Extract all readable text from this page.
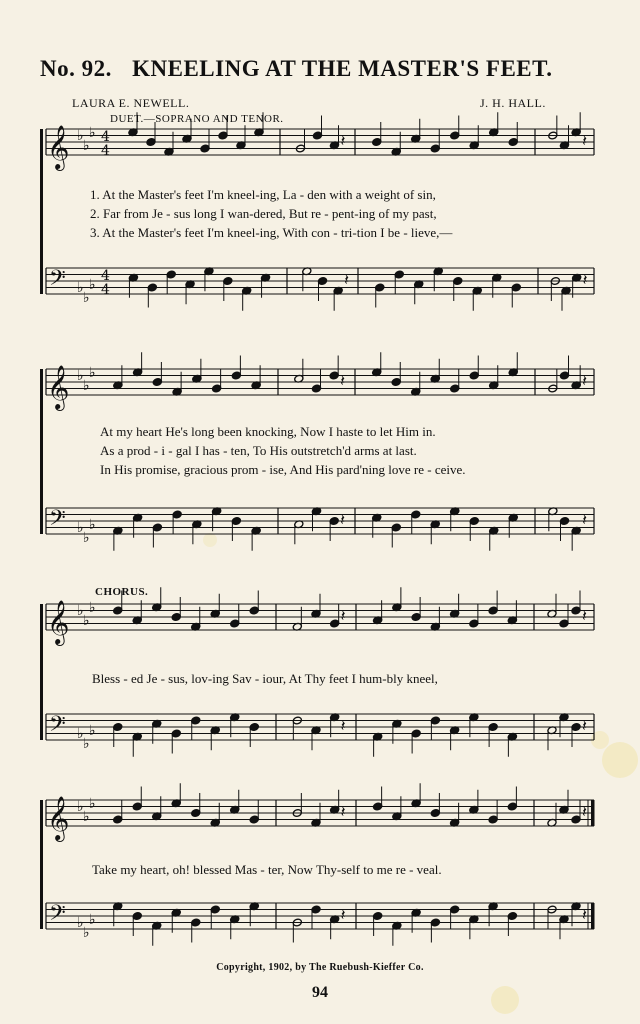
No. 92. KNEELING AT THE MASTER'S FEET.
LAURA E. NEWELL.	J. H. HALL.
DUET.—SOPRANO AND TENOR.
𝄞 ♭
♭
♭ 4
4
𝄽	𝄽
𝄢 ♭
♭
♭
4
4
𝄽	𝄽
𝄞 ♭
♭
♭	𝄽	𝄽
𝄢 ♭
♭
♭	𝄽	𝄽
𝄞 ♭
♭
♭	𝄽	𝄽
𝄢 ♭
♭
♭	𝄽	𝄽
𝄞 ♭
♭
♭	𝄽	𝄽
𝄢 ♭
♭
♭	𝄽	𝄽
1. At the Master's feet I'm kneel-ing, La - den with a weight of sin,
2. Far from Je - sus long I wan-dered, But re - pent-ing of my past,
3. At the Master's feet I'm kneel-ing, With con - tri-tion I be - lieve,—
At my heart He's long been knocking, Now I haste to let Him in.
As a prod - i - gal I has - ten, To His outstretch'd arms at last.
In His promise, gracious prom - ise, And His pard'ning love re - ceive.
CHORUS.
Bless - ed Je - sus, lov-ing Sav - iour, At Thy feet I hum-bly kneel,
Take my heart, oh! blessed Mas - ter, Now Thy-self to me re - veal.
Copyright, 1902, by The Ruebush-Kieffer Co.
94
